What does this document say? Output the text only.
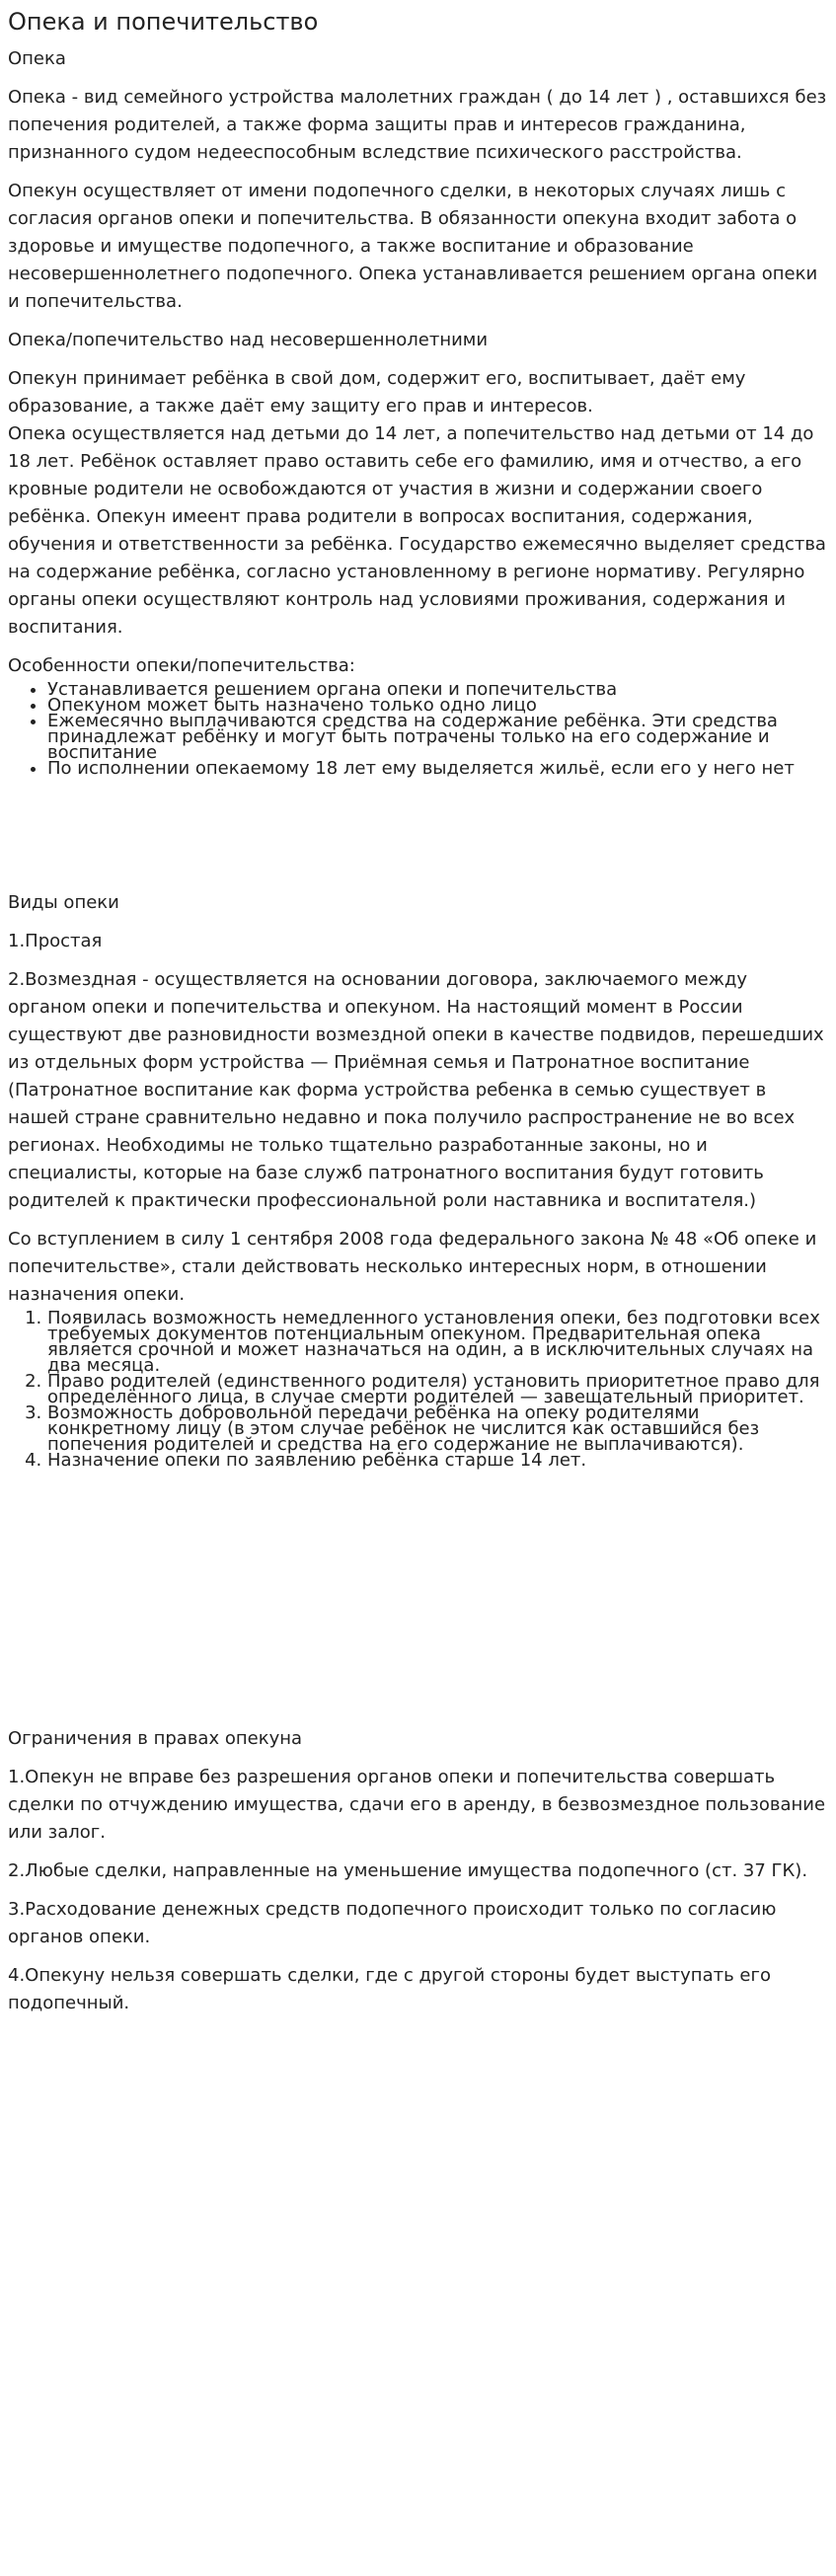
Опека и попечительство

Опека

Опека - вид семейного устройства малолетних граждан ( до 14 лет ) , оставшихся без попечения родителей, а также форма защиты прав и интересов гражданина, признанного судом недееспособным вследствие психического расстройства.

Опекун осуществляет от имени подопечного сделки, в некоторых случаях лишь с согласия органов опеки и попечительства. В обязанности опекуна входит забота о здоровье и имуществе подопечного, а также воспитание и образование несовершеннолетнего подопечного. Опека устанавливается решением органа опеки и попечительства.

Опека/попечительство над несовершеннолетними

Опекун принимает ребёнка в свой дом, содержит его, воспитывает, даёт ему образование, а также даёт ему защиту его прав и интересов.

Опека осуществляется над детьми до 14 лет, а попечительство над детьми от 14 до 18 лет. Ребёнок оставляет право оставить себе его фамилию, имя и отчество, а его кровные родители не освобождаются от участия в жизни и содержании своего ребёнка. Опекун имеент права родители в вопросах воспитания, содержания, обучения и ответственности за ребёнка. Государство ежемесячно выделяет средства на содержание ребёнка, согласно установленному в регионе нормативу. Регулярно органы опеки осуществляют контроль над условиями проживания, содержания и воспитания.

Особенности опеки/попечительства:

• Устанавливается решением органа опеки и попечительства
• Опекуном может быть назначено только одно лицо
• Ежемесячно выплачиваются средства на содержание ребёнка. Эти средства принадлежат ребёнку и могут быть потрачены только на его содержание и воспитание
• По исполнении опекаемому 18 лет ему выделяется жильё, если его у него нет

Виды опеки

1.Простая

2.Возмездная - осуществляется на основании договора, заключаемого между органом опеки и попечительства и опекуном. На настоящий момент в России существуют две разновидности возмездной опеки в качестве подвидов, перешедших из отдельных форм устройства — Приёмная семья и Патронатное воспитание (Патронатное воспитание как форма устройства ребенка в семью существует в нашей стране сравнительно недавно и пока получило распространение не во всех регионах. Необходимы не только тщательно разработанные законы, но и специалисты, которые на базе служб патронатного воспитания будут готовить родителей к практически профессиональной роли наставника и воспитателя.)

Со вступлением в силу 1 сентября 2008 года федерального закона № 48 «Об опеке и попечительстве», стали действовать несколько интересных норм, в отношении назначения опеки.

1. Появилась возможность немедленного установления опеки, без подготовки всех требуемых документов потенциальным опекуном. Предварительная опека является срочной и может назначаться на один, а в исключительных случаях на два месяца.
2. Право родителей (единственного родителя) установить приоритетное право для определённого лица, в случае смерти родителей — завещательный приоритет.
3. Возможность добровольной передачи ребёнка на опеку родителями конкретному лицу (в этом случае ребёнок не числится как оставшийся без попечения родителей и средства на его содержание не выплачиваются).
4. Назначение опеки по заявлению ребёнка старше 14 лет.

Ограничения в правах опекуна

1.Опекун не вправе без разрешения органов опеки и попечительства совершать сделки по отчуждению имущества, сдачи его в аренду, в безвозмездное пользование или залог.

2.Любые сделки, направленные на уменьшение имущества подопечного (ст. 37 ГК).

3.Расходование денежных средств подопечного происходит только по согласию органов опеки.

4.Опекуну нельзя совершать сделки, где с другой стороны будет выступать его подопечный.
